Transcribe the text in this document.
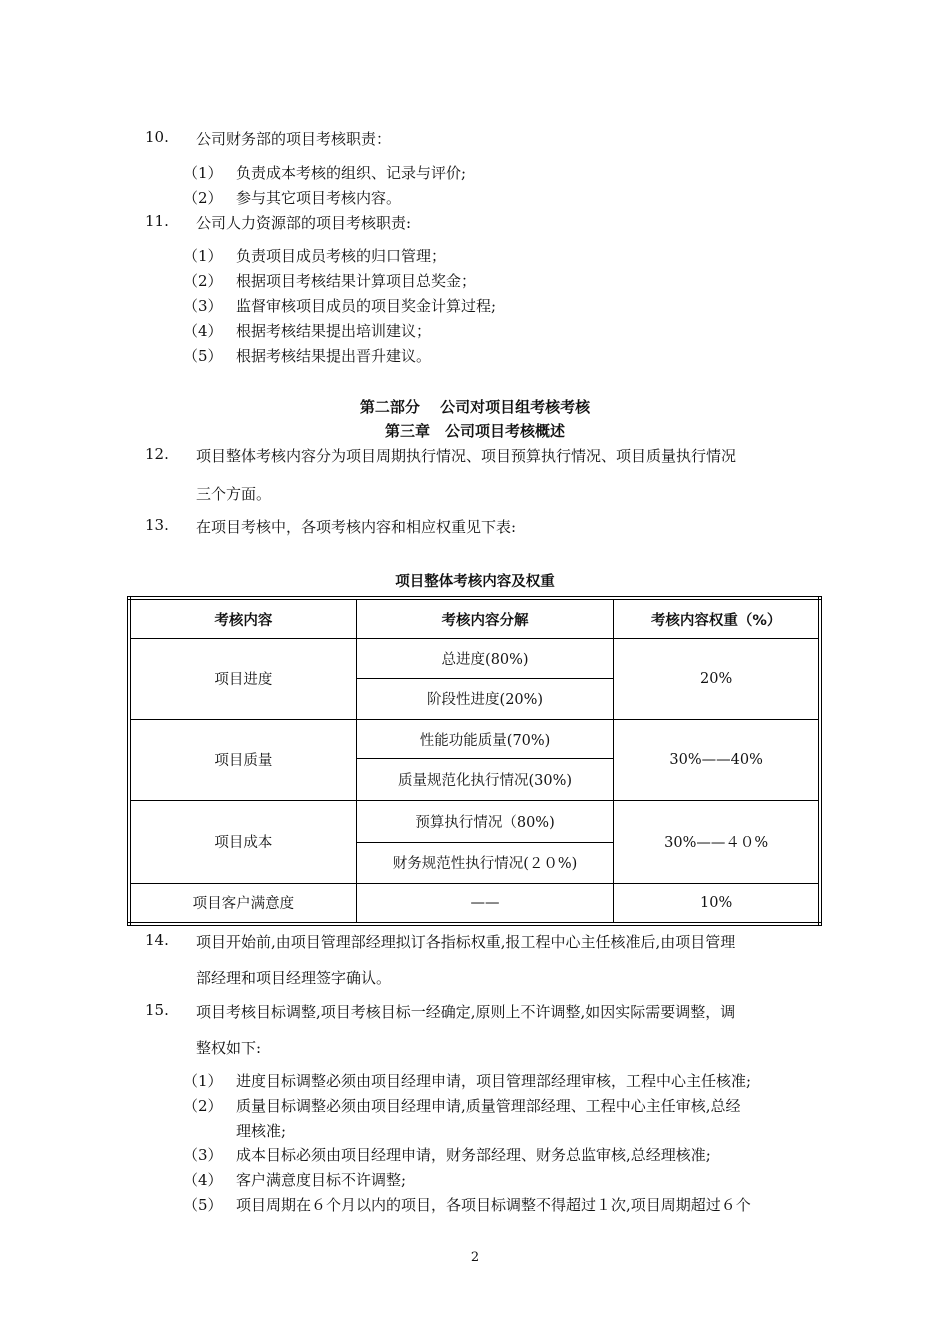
10. 公司财务部的项目考核职责：
（1） 负责成本考核的组织、记录与评价;
（2） 参与其它项目考核内容。
11. 公司人力资源部的项目考核职责:
（1） 负责项目成员考核的归口管理；
（2） 根据项目考核结果计算项目总奖金；
（3） 监督审核项目成员的项目奖金计算过程;
（4） 根据考核结果提出培训建议；
（5） 根据考核结果提出晋升建议。
第二部分　 公司对项目组考核考核
第三章　公司项目考核概述
12. 项目整体考核内容分为项目周期执行情况、项目预算执行情况、项目质量执行情况
三个方面。
13. 在项目考核中，各项考核内容和相应权重见下表:
项目整体考核内容及权重
考核内容	考核内容分解	考核内容权重（%）
项目进度	总进度(80%)	20%
	阶段性进度(20%)	
项目质量	性能功能质量(70%)	30%——40%
	质量规范化执行情况(30%)	
项目成本	预算执行情况（80%)	30%——４０%
	财务规范性执行情况(２０%)	
项目客户满意度	——	10%
14. 项目开始前,由项目管理部经理拟订各指标权重,报工程中心主任核准后,由项目管理
部经理和项目经理签字确认。
15. 项目考核目标调整,项目考核目标一经确定,原则上不许调整,如因实际需要调整，调
整权如下:
（1） 进度目标调整必须由项目经理申请，项目管理部经理审核，工程中心主任核准;
（2） 质量目标调整必须由项目经理申请,质量管理部经理、工程中心主任审核,总经
理核准;
（3） 成本目标必须由项目经理申请，财务部经理、财务总监审核,总经理核准;
（4） 客户满意度目标不许调整;
（5） 项目周期在６个月以内的项目，各项目标调整不得超过１次,项目周期超过６个
2
